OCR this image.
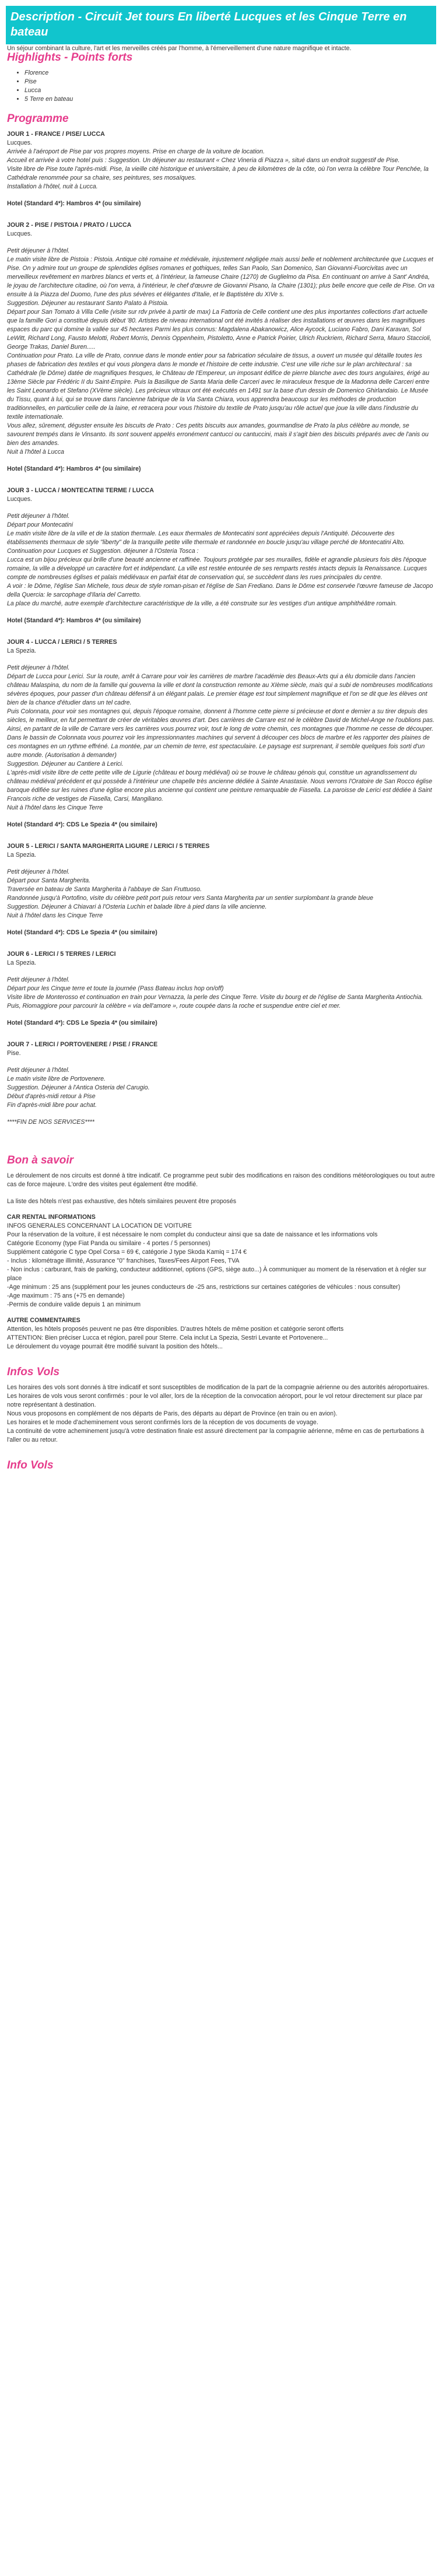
Description - Circuit Jet tours En liberté Lucques et les Cinque Terre en bateau

Un séjour combinant la culture, l'art et les merveilles créés par l'homme, à l'émerveillement d'une nature magnifique et intacte.

Highlights - Points forts
• Florence
• Pise
• Lucca
• 5 Terre en bateau
Programme
JOUR 1 - FRANCE / PISE/ LUCCA
Lucques.

Arrivée à l'aéroport de Pise par vos propres moyens. Prise en charge de la voiture de location.

Accueil et arrivée à votre hotel puis : Suggestion. Un déjeuner au restaurant « Chez Vineria di Piazza », situé dans un endroit suggestif de Pise.

Visite libre de Pise toute l'après-midi. Pise, la vieille cité historique et universitaire, à peu de kilomètres de la côte, où l'on verra la célèbre Tour Penchée, la Cathédrale renommée pour sa chaire, ses peintures, ses mosaïques.

Installation à l'hôtel, nuit à Lucca.

Hotel (Standard 4*): Hambros 4* (ou similaire)
JOUR 2 - PISE / PISTOIA / PRATO / LUCCA
Lucques.

Petit déjeuner à l'hôtel.

Le matin visite libre de Pistoia : Pistoia. Antique cité romaine et médiévale, injustement négligée mais aussi belle et noblement architecturée que Lucques et Pise. On y admire tout un groupe de splendides églises romanes et gothiques, telles San Paolo, San Domenico, San Giovanni-Fuorcivitas avec un merveilleux revêtement en marbres blancs et verts et, à l'intérieur, la fameuse Chaire (1270) de Guglielmo da Pisa. En continuant on arrive à Sant' Andréa, le joyau de l'architecture citadine, où l'on verra, à l'intérieur, le chef d'œuvre de Giovanni Pisano, la Chaire (1301); plus belle encore que celle de Pise. On va ensuite à la Piazza del Duomo, l'une des plus sévères et élégantes d'Italie, et le Baptistère du XIVe s.

Suggestion. Déjeuner au restaurant Santo Palato à Pistoia.

Départ pour San Tomato à Villa Celle (visite sur rdv privée à partir de max) La Fattoria de Celle contient une des plus importantes collections d'art actuelle que la famille Gori a constitué depuis début '80. Artistes de niveau international ont été invités à réaliser des installations et œuvres dans les magnifiques espaces du parc qui domine la vallée sur 45 hectares Parmi les plus connus: Magdalena Abakanowicz, Alice Aycock, Luciano Fabro, Dani Karavan, Sol LeWitt, Richard Long, Fausto Melotti, Robert Morris, Dennis Oppenheim, Pistoletto, Anne e Patrick Poirier, Ulrich Ruckriem, Richard Serra, Mauro Staccioli, George Trakas, Daniel Buren.....

Continuation pour Prato. La ville de Prato, connue dans le monde entier pour sa fabrication séculaire de tissus, a ouvert un musée qui détaille toutes les phases de fabrication des textiles et qui vous plongera dans le monde et l'histoire de cette industrie. C'est une ville riche sur le plan architectural : sa Cathédrale (le Dôme) datée de magnifiques fresques, le Château de l'Empereur, un imposant édifice de pierre blanche avec des tours angulaires, érigé au 13ème Siècle par Frédéric II du Saint-Empire. Puis la Basilique de Santa Maria delle Carceri avec le miraculeux fresque de la Madonna delle Carceri entre les Saint Leonardo et Stefano (XVème siècle). Les précieux vitraux ont été exécutés en 1491 sur la base d'un dessin de Domenico Ghirlandaio. Le Musée du Tissu, quant à lui, qui se trouve dans l'ancienne fabrique de la Via Santa Chiara, vous apprendra beaucoup sur les méthodes de production traditionnelles, en particulier celle de la laine, et retracera pour vous l'histoire du textile de Prato jusqu'au rôle actuel que joue la ville dans l'industrie du textile internationale.

Vous allez, sûrement, déguster ensuite les biscuits de Prato : Ces petits biscuits aux amandes, gourmandise de Prato la plus célèbre au monde, se savourent trempés dans le Vinsanto. Ils sont souvent appelés erronément cantucci ou cantuccini, mais il s'agit bien des biscuits préparés avec de l'anis ou bien des amandes.

Nuit à l'hôtel à Lucca

Hotel (Standard 4*): Hambros 4* (ou similaire)
JOUR 3 - LUCCA / MONTECATINI TERME / LUCCA
Lucques.

Petit déjeuner à l'hôtel.

Départ pour Montecatini

Le matin visite libre de la ville et de la station thermale. Les eaux thermales de Montecatini sont appréciées depuis l'Antiquité. Découverte des établissements thermaux de style "liberty" de la tranquille petite ville thermale et randonnée en boucle jusqu'au village perché de Montecatini Alto.

Continuation pour Lucques et Suggestion. déjeuner à l'Osteria Tosca :

Lucca est un bijou précieux qui brille d'une beauté ancienne et raffinée. Toujours protégée par ses murailles, fidèle et agrandie plusieurs fois dès l'époque romaine, la ville a développé un caractère fort et indépendant. La ville est restée entourée de ses remparts restés intacts depuis la Renaissance. Lucques compte de nombreuses églises et palais médiévaux en parfait état de conservation qui, se succèdent dans les rues principales du centre.

A voir : le Dôme, l'église San Michele, tous deux de style roman-pisan et l'église de San Frediano. Dans le Dôme est conservée l'œuvre fameuse de Jacopo della Quercia: le sarcophage d'Ilaria del Carretto.

La place du marché, autre exemple d'architecture caractéristique de la ville, a été construite sur les vestiges d'un antique amphithéâtre romain.

Hotel (Standard 4*): Hambros 4* (ou similaire)
JOUR 4 - LUCCA / LERICI / 5 TERRES
La Spezia.

Petit déjeuner à l'hôtel.

Départ de Lucca pour Lerici. Sur la route, arrêt à Carrare pour voir les carrières de marbre l'académie des Beaux-Arts qui a élu domicile dans l'ancien château Malaspina, du nom de la famille qui gouverna la ville et dont la construction remonte au XIème siècle, mais qui a subi de nombreuses modifications sévères époques, pour passer d'un château défensif à un élégant palais. Le premier étage est tout simplement magnifique et l'on se dit que les élèves ont bien de la chance d'étudier dans un tel cadre.

Puis Colonnata, pour voir ses montagnes qui, depuis l'époque romaine, donnent à l'homme cette pierre si précieuse et dont e dernier a su tirer depuis des siècles, le meilleur, en fut permettant de créer de véritables œuvres d'art. Des carrières de Carrare est né le célèbre David de Michel-Ange ne l'oublions pas.

Ainsi, en partant de la ville de Carrare vers les carrières vous pourrez voir, tout le long de votre chemin, ces montagnes que l'homme ne cesse de découper. Dans le bassin de Colonnata vous pourrez voir les impressionnantes machines qui servent à découper ces blocs de marbre et les rapporter des plaines de ces montagnes en un rythme effréné. La montée, par un chemin de terre, est spectaculaire. Le paysage est surprenant, il semble quelques fois sorti d'un autre monde. (Autorisation à demander)

Suggestion. Déjeuner au Cantiere à Lerici.

L'après-midi visite libre de cette petite ville de Ligurie (château et bourg médiéval) où se trouve le château génois qui, constitue un agrandissement du château médiéval précédent et qui possède à l'intérieur une chapelle très ancienne dédiée à Sainte Anastasie. Nous verrons l'Oratoire de San Rocco église baroque édifiée sur les ruines d'une église encore plus ancienne qui contient une peinture remarquable de Fiasella. La paroisse de Lerici est dédiée à Saint Francois riche de vestiges de Fiasella, Carsi, Mangiliano.

Nuit à l'hôtel dans les Cinque Terre

Hotel (Standard 4*): CDS Le Spezia 4* (ou similaire)
JOUR 5 - LERICI / SANTA MARGHERITA LIGURE / LERICI / 5 TERRES
La Spezia.

Petit déjeuner à l'hôtel.

Départ pour Santa Margherita.

Traversée en bateau de Santa Margherita à l'abbaye de San Fruttuoso.

Randonnée jusqu'à Portofino, visite du célèbre petit port puis retour vers Santa Margherita par un sentier surplombant la grande bleue

Suggestion. Déjeuner à Chiavari à l'Osteria Luchin et balade libre à pied dans la ville ancienne.

Nuit à l'hôtel dans les Cinque Terre

Hotel (Standard 4*): CDS Le Spezia 4* (ou similaire)
JOUR 6 - LERICI / 5 TERRES / LERICI
La Spezia.

Petit déjeuner à l'hôtel.

Départ pour les Cinque terre et toute la journée (Pass Bateau inclus hop on/off)

Visite libre de Monterosso et continuation en train pour Vernazza, la perle des Cinque Terre. Visite du bourg et de l'église de Santa Margherita Antiochia.

Puis, Riomaggiore pour parcourir la célèbre « via dell'amore », route coupée dans la roche et suspendue entre ciel et mer.

Hotel (Standard 4*): CDS Le Spezia 4* (ou similaire)
JOUR 7 - LERICI / PORTOVENERE / PISE / FRANCE
Pise.

Petit déjeuner à l'hôtel.

Le matin visite libre de Portovenere.

Suggestion. Déjeuner à l'Antica Osteria del Carugio.

Début d'après-midi retour à Pise

Fin d'après-midi libre pour achat.

****FIN DE NOS SERVICES****

Bon à savoir

Le déroulement de nos circuits est donné à titre indicatif. Ce programme peut subir des modifications en raison des conditions météorologiques ou tout autre cas de force majeure. L'ordre des visites peut également être modifié.

La liste des hôtels n'est pas exhaustive, des hôtels similaires peuvent être proposés

CAR RENTAL INFORMATIONS

INFOS GENERALES CONCERNANT LA LOCATION DE VOITURE

Pour la réservation de la voiture, il est nécessaire le nom complet du conducteur ainsi que sa date de naissance et les informations vols

Catégorie Economy (type Fiat Panda ou similaire - 4 portes / 5 personnes)

Supplément catégorie C type Opel Corsa = 69 €, catégorie J type Skoda Kamiq = 174 €

- Inclus : kilométrage illimité, Assurance "0" franchises, Taxes/Fees Airport Fees, TVA

- Non inclus : carburant, frais de parking, conducteur additionnel, options (GPS, siège auto...) À communiquer au moment de la réservation et à régler sur place

-Age minimum : 25 ans (supplément pour les jeunes conducteurs de -25 ans, restrictions sur certaines catégories de véhicules : nous consulter)

-Age maximum : 75 ans (+75 en demande)

-Permis de conduire valide depuis 1 an minimum

AUTRE COMMENTAIRES

Attention, les hôtels proposés peuvent ne pas être disponibles. D'autres hôtels de même position et catégorie seront offerts

ATTENTION: Bien préciser Lucca et région, pareil pour Sterre. Cela inclut La Spezia, Sestri Levante et Portovenere...

Le déroulement du voyage pourrait être modifié suivant la position des hôtels...

Infos Vols

Les horaires des vols sont donnés à titre indicatif et sont susceptibles de modification de la part de la compagnie aérienne ou des autorités aéroportuaires.

Les horaires de vols vous seront confirmés : pour le vol aller, lors de la réception de la convocation aéroport, pour le vol retour directement sur place par notre représentant à destination.

Nous vous proposons en complément de nos départs de Paris, des départs au départ de Province (en train ou en avion).

Les horaires et le mode d'acheminement vous seront confirmés lors de la réception de vos documents de voyage.

La continuité de votre acheminement jusqu'à votre destination finale est assuré directement par la compagnie aérienne, même en cas de perturbations à l'aller ou au retour.

Info Vols
